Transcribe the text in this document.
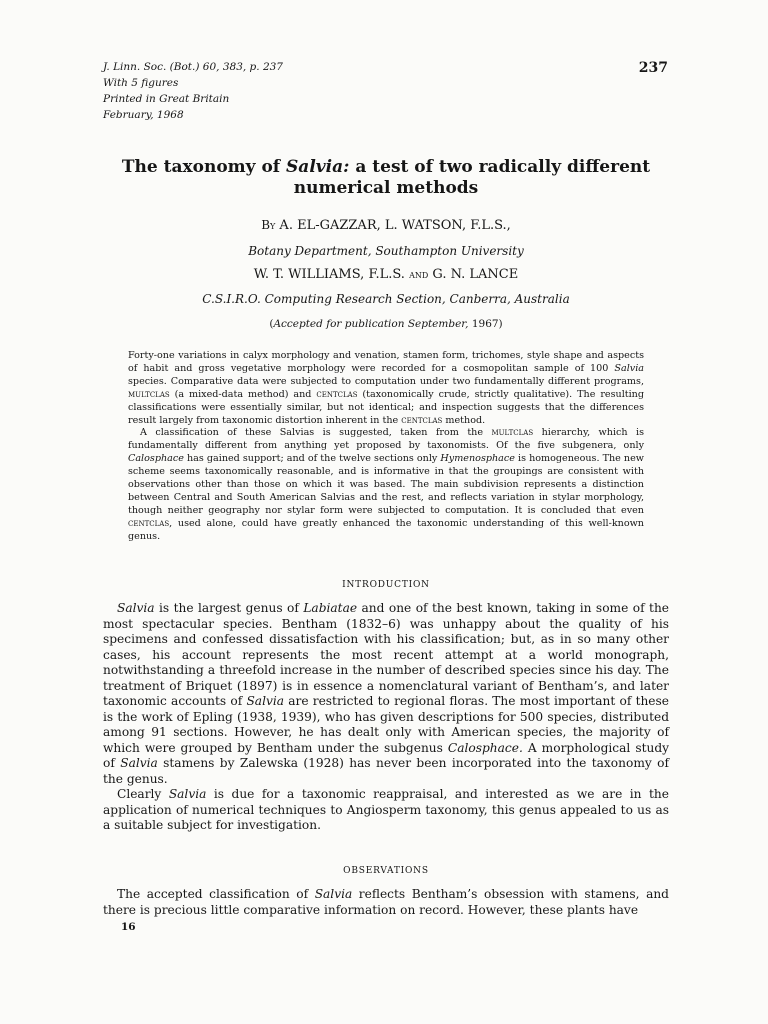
J. Linn. Soc. (Bot.) 60, 383, p. 237
With 5 figures
Printed in Great Britain
February, 1968
237
The taxonomy of Salvia: a test of two radically different
numerical methods
By A. EL-GAZZAR, L. WATSON, F.L.S.,
Botany Department, Southampton University
W. T. WILLIAMS, F.L.S. and G. N. LANCE
C.S.I.R.O. Computing Research Section, Canberra, Australia
(Accepted for publication September, 1967)

Forty-one variations in calyx morphology and venation, stamen form, trichomes, style shape and aspects of habit and gross vegetative morphology were recorded for a cosmopolitan sample of 100 Salvia species. Comparative data were subjected to computation under two fundamentally different programs, multclas (a mixed-data method) and centclas (taxonomically crude, strictly qualitative). The resulting classifications were essentially similar, but not identical; and inspection suggests that the differences result largely from taxonomic distortion inherent in the centclas method.

A classification of these Salvias is suggested, taken from the multclas hierarchy, which is fundamentally different from anything yet proposed by taxonomists. Of the five subgenera, only Calosphace has gained support; and of the twelve sections only Hymenosphace is homogeneous. The new scheme seems taxonomically reasonable, and is informative in that the groupings are consistent with observations other than those on which it was based. The main subdivision represents a distinction between Central and South American Salvias and the rest, and reflects variation in stylar morphology, though neither geography nor stylar form were subjected to computation. It is concluded that even centclas, used alone, could have greatly enhanced the taxonomic understanding of this well-known genus.

INTRODUCTION

Salvia is the largest genus of Labiatae and one of the best known, taking in some of the most spectacular species. Bentham (1832–6) was unhappy about the quality of his specimens and confessed dissatisfaction with his classification; but, as in so many other cases, his account represents the most recent attempt at a world monograph, notwithstanding a threefold increase in the number of described species since his day. The treatment of Briquet (1897) is in essence a nomenclatural variant of Bentham’s, and later taxonomic accounts of Salvia are restricted to regional floras. The most important of these is the work of Epling (1938, 1939), who has given descriptions for 500 species, distributed among 91 sections. However, he has dealt only with American species, the majority of which were grouped by Bentham under the subgenus Calosphace. A morphological study of Salvia stamens by Zalewska (1928) has never been incorporated into the taxonomy of the genus.

Clearly Salvia is due for a taxonomic reappraisal, and interested as we are in the application of numerical techniques to Angiosperm taxonomy, this genus appealed to us as a suitable subject for investigation.

OBSERVATIONS

The accepted classification of Salvia reflects Bentham’s obsession with stamens, and there is precious little comparative information on record. However, these plants have

16
